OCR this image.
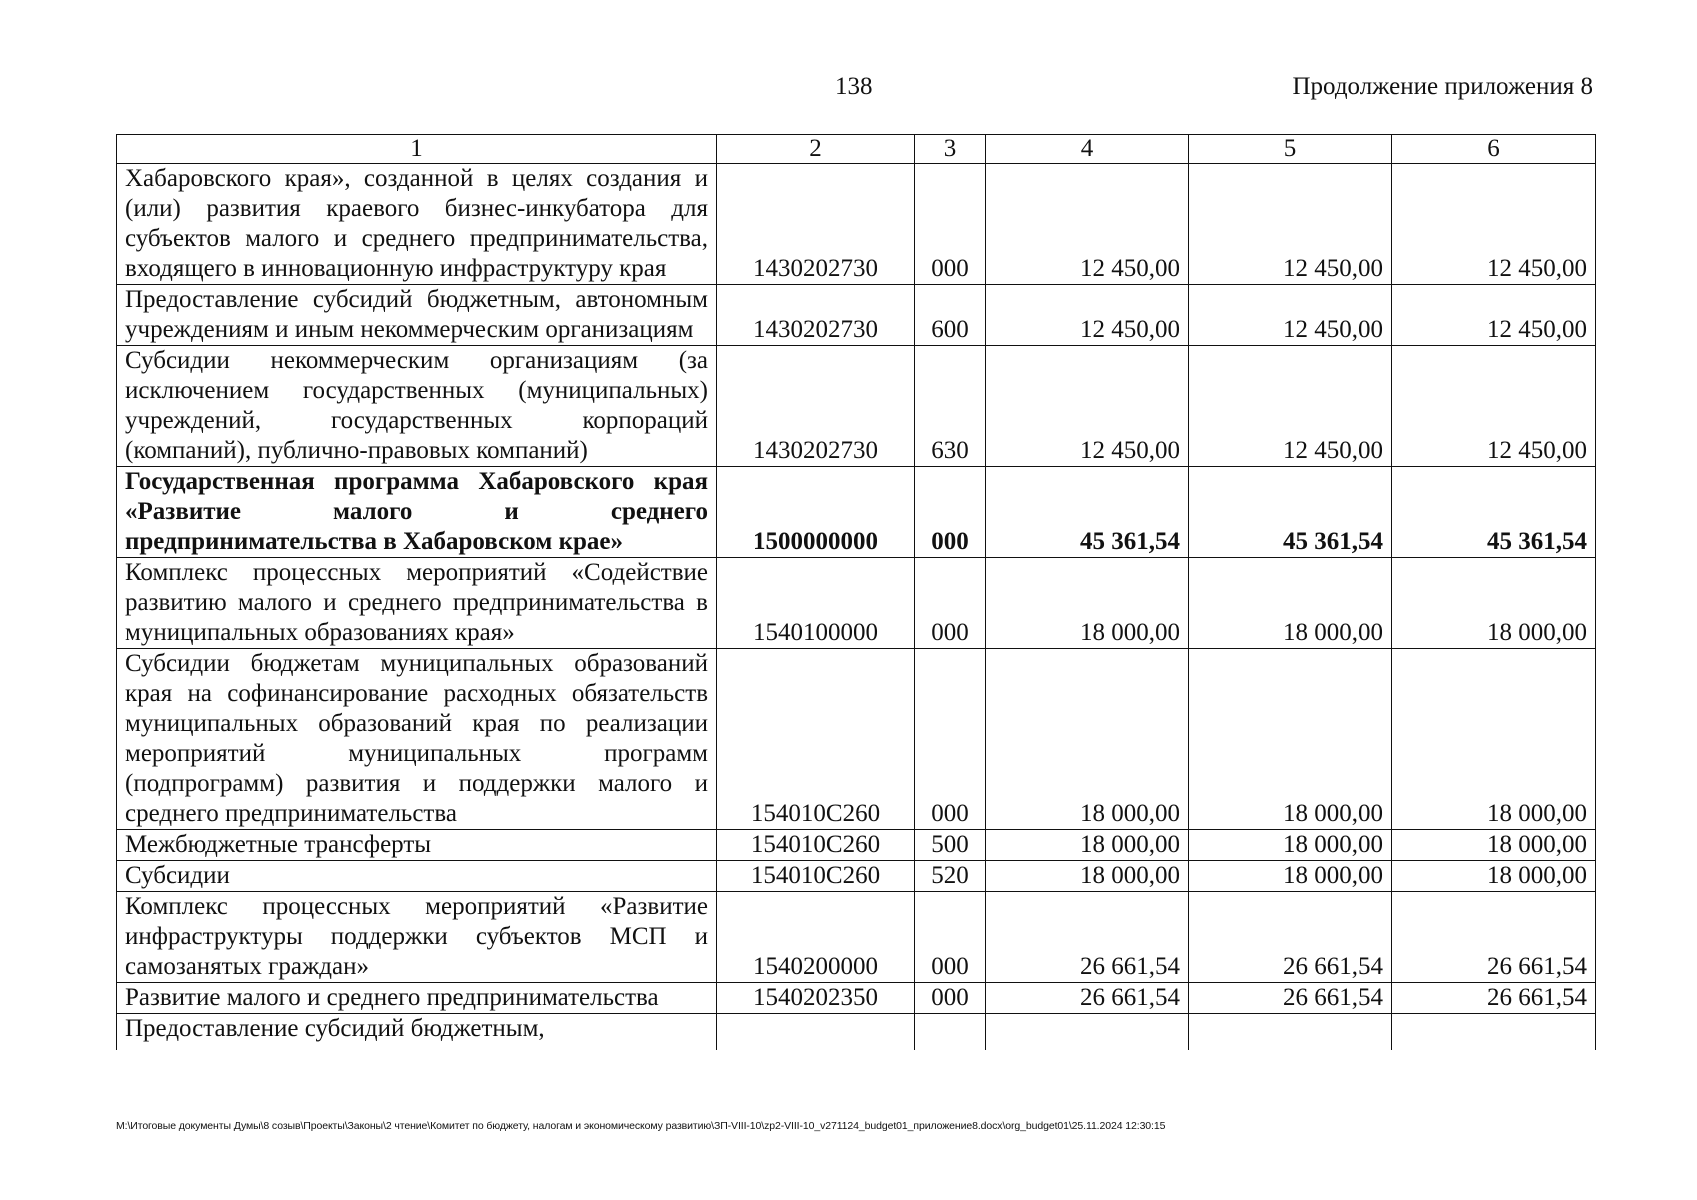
138	Продолжение приложения 8
1	2	3	4	5	6
Хабаровского края», созданной в целях создания и (или) развития краевого бизнес-инкубатора для субъектов малого и среднего предпринимательства, входящего в инновационную инфраструктуру края	1430202730	000	12 450,00	12 450,00	12 450,00
Предоставление субсидий бюджетным, автономным учреждениям и иным некоммерческим организациям	1430202730	600	12 450,00	12 450,00	12 450,00
Субсидии некоммерческим организациям (за исключением государственных (муниципальных) учреждений, государственных корпораций (компаний), публично-правовых компаний)	1430202730	630	12 450,00	12 450,00	12 450,00
Государственная программа Хабаровского края «Развитие малого и среднего предпринимательства в Хабаровском крае»	1500000000	000	45 361,54	45 361,54	45 361,54
Комплекс процессных мероприятий «Содействие развитию малого и среднего предпринимательства в муниципальных образованиях края»	1540100000	000	18 000,00	18 000,00	18 000,00
Субсидии бюджетам муниципальных образований края на софинансирование расходных обязательств муниципальных образований края по реализации мероприятий муниципальных программ (подпрограмм) развития и поддержки малого и среднего предпринимательства	154010С260	000	18 000,00	18 000,00	18 000,00
Межбюджетные трансферты	154010С260	500	18 000,00	18 000,00	18 000,00
Субсидии	154010С260	520	18 000,00	18 000,00	18 000,00
Комплекс процессных мероприятий «Развитие инфраструктуры поддержки субъектов МСП и самозанятых граждан»	1540200000	000	26 661,54	26 661,54	26 661,54
Развитие малого и среднего предпринимательства	1540202350	000	26 661,54	26 661,54	26 661,54
Предоставление субсидий бюджетным,					
M:\Итоговые документы Думы\8 созыв\Проекты\Законы\2 чтение\Комитет по бюджету, налогам и экономическому развитию\ЗП-VIII-10\zp2-VIII-10_v271124_budget01_приложение8.docx\org_budget01\25.11.2024 12:30:15
